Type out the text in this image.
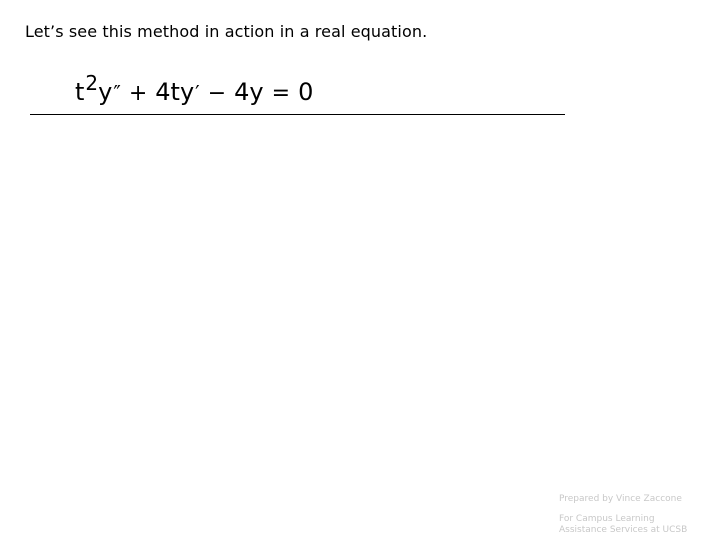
Let’s see this method in action in a real equation.
t 2 y ″ + 4ty ′ − 4y = 0
Prepared by Vince Zaccone
For Campus Learning
Assistance Services at UCSB
